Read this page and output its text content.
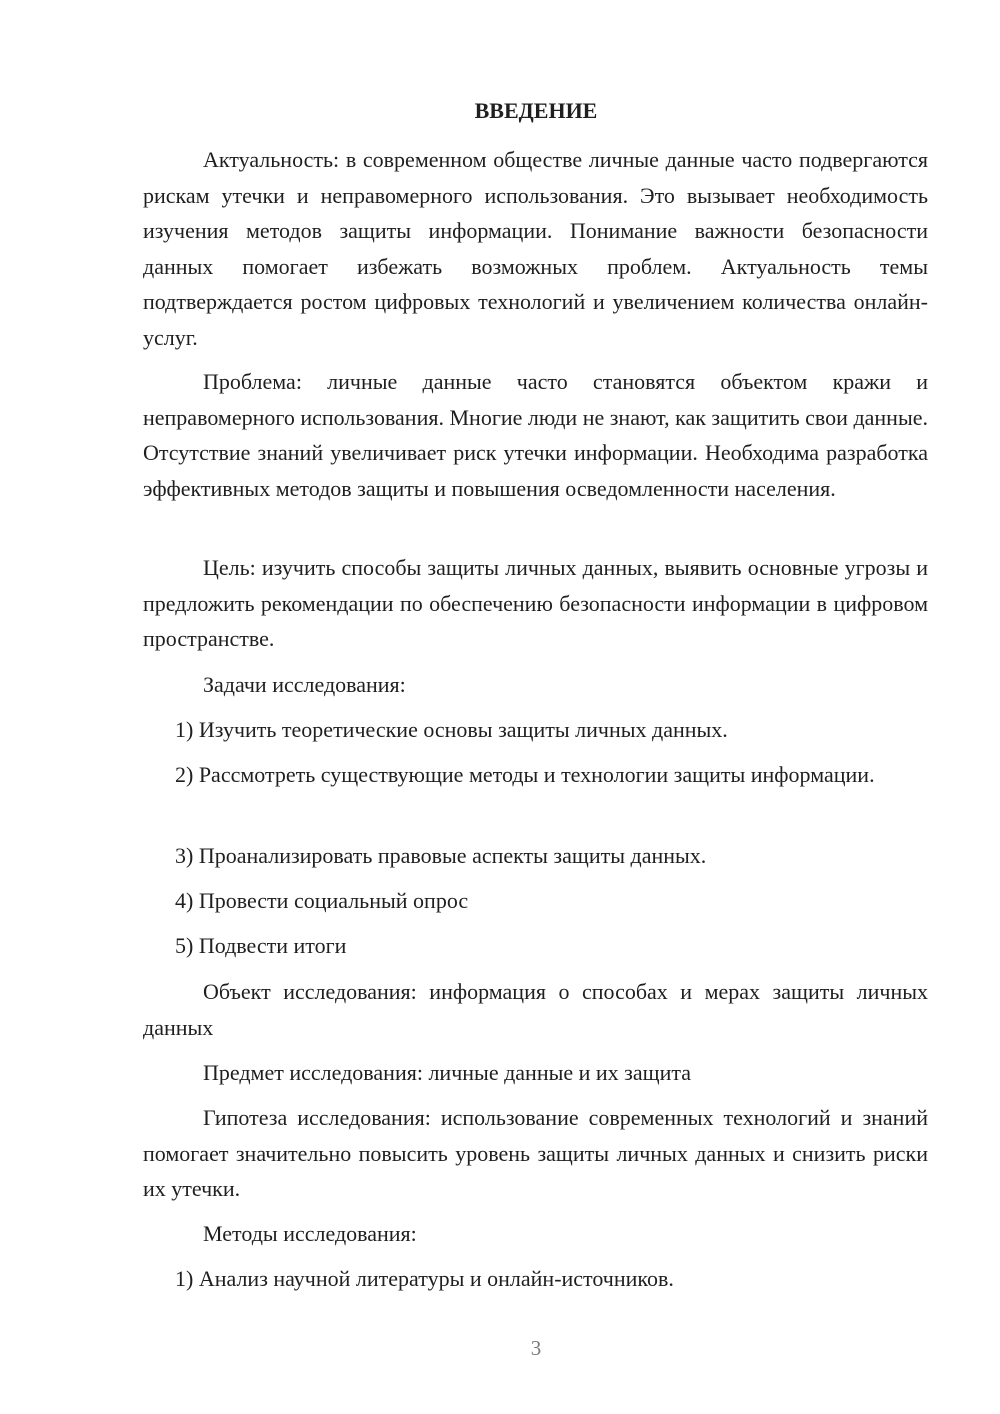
ВВЕДЕНИЕ

Актуальность: в современном обществе личные данные часто подвергаются рискам утечки и неправомерного использования. Это вызывает необходимость изучения методов защиты информации. Понимание важности безопасности данных помогает избежать возможных проблем. Актуальность темы подтверждается ростом цифровых технологий и увеличением количества онлайн-услуг.

Проблема: личные данные часто становятся объектом кражи и неправомерного использования. Многие люди не знают, как защитить свои данные. Отсутствие знаний увеличивает риск утечки информации. Необходима разработка эффективных методов защиты и повышения осведомленности населения.

Цель: изучить способы защиты личных данных, выявить основные угрозы и предложить рекомендации по обеспечению безопасности информации в цифровом пространстве.

Задачи исследования:

1) Изучить теоретические основы защиты личных данных.

2) Рассмотреть существующие методы и технологии защиты информации.

3) Проанализировать правовые аспекты защиты данных.

4) Провести социальный опрос

5) Подвести итоги

Объект исследования: информация о способах и мерах защиты личных данных

Предмет исследования: личные данные и их защита

Гипотеза исследования: использование современных технологий и знаний помогает значительно повысить уровень защиты личных данных и снизить риски их утечки.

Методы исследования:

1) Анализ научной литературы и онлайн-источников.

3
